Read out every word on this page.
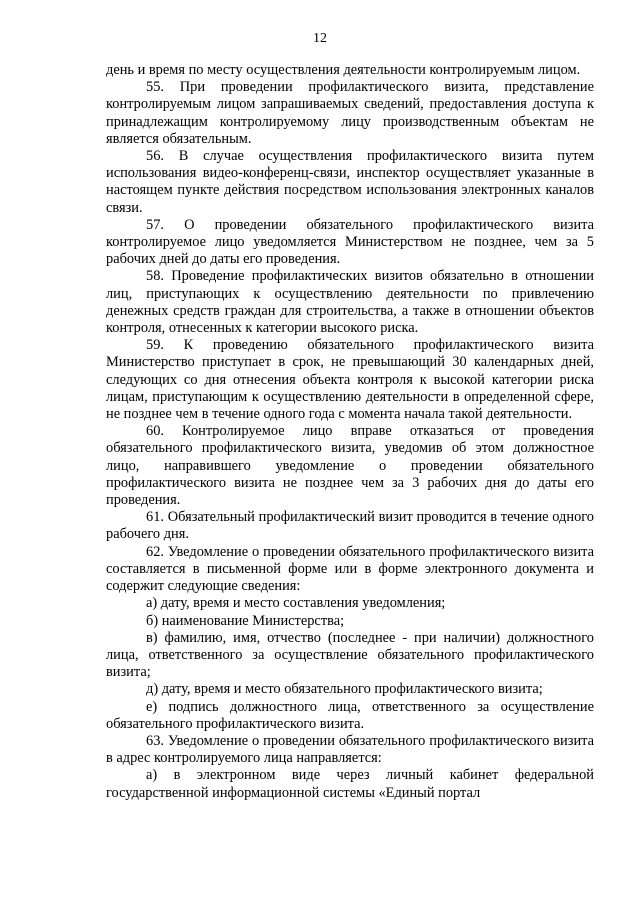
12

день и время по месту осуществления деятельности контролируемым лицом.

55. При проведении профилактического визита, представление контролируемым лицом запрашиваемых сведений, предоставления доступа к принадлежащим контролируемому лицу производственным объектам не является обязательным.

56. В случае осуществления профилактического визита путем использования видео-конференц-связи, инспектор осуществляет указанные в настоящем пункте действия посредством использования электронных каналов связи.

57. О проведении обязательного профилактического визита контролируемое лицо уведомляется Министерством не позднее, чем за 5 рабочих дней до даты его проведения.

58. Проведение профилактических визитов обязательно в отношении лиц, приступающих к осуществлению деятельности по привлечению денежных средств граждан для строительства, а также в отношении объектов контроля, отнесенных к категории высокого риска.

59. К проведению обязательного профилактического визита Министерство приступает в срок, не превышающий 30 календарных дней, следующих со дня отнесения объекта контроля к высокой категории риска лицам, приступающим к осуществлению деятельности в определенной сфере, не позднее чем в течение одного года с момента начала такой деятельности.

60. Контролируемое лицо вправе отказаться от проведения обязательного профилактического визита, уведомив об этом должностное лицо, направившего уведомление о проведении обязательного профилактического визита не позднее чем за 3 рабочих дня до даты его проведения.

61. Обязательный профилактический визит проводится в течение одного рабочего дня.

62. Уведомление о проведении обязательного профилактического визита составляется в письменной форме или в форме электронного документа и содержит следующие сведения:

а) дату, время и место составления уведомления;

б) наименование Министерства;

в) фамилию, имя, отчество (последнее - при наличии) должностного лица, ответственного за осуществление обязательного профилактического визита;

д) дату, время и место обязательного профилактического визита;

е) подпись должностного лица, ответственного за осуществление обязательного профилактического визита.

63. Уведомление о проведении обязательного профилактического визита в адрес контролируемого лица направляется:

а) в электронном виде через личный кабинет федеральной государственной информационной системы «Единый портал
